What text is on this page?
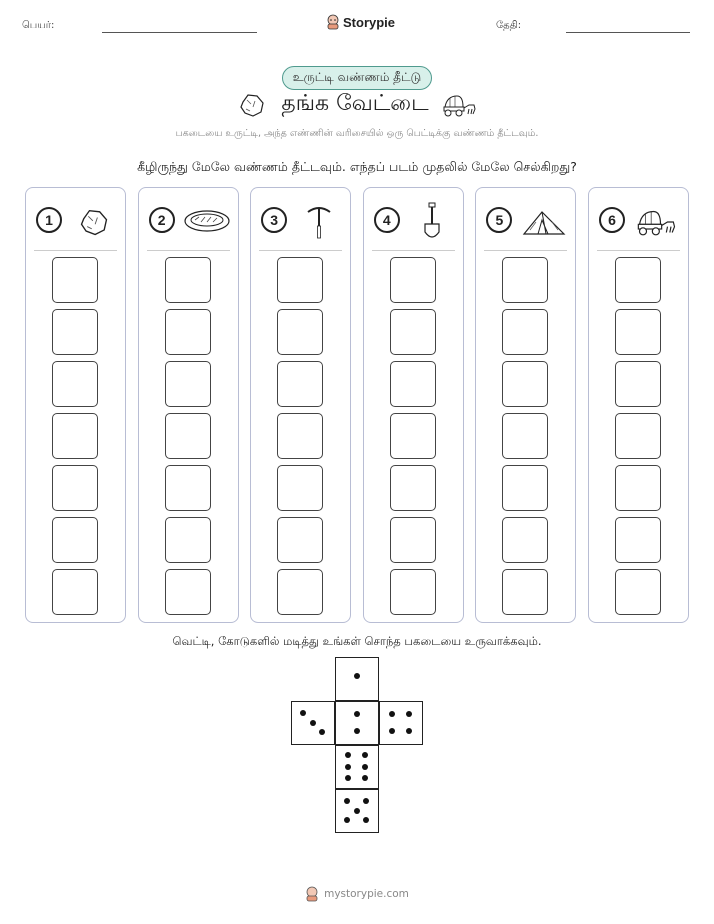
பெயர்:	Storypie	தேதி:
உருட்டி வண்ணம் தீட்டு
தங்க வேட்டை
பகடையை உருட்டி, அந்த எண்ணின் வரிசையில் ஒரு பெட்டிக்கு வண்ணம் தீட்டவும்.
கீழிருந்து மேலே வண்ணம் தீட்டவும். எந்தப் படம் முதலில் மேலே செல்கிறது?
1	2	3	4	5	6
வெட்டி, கோடுகளில் மடித்து உங்கள் சொந்த பகடையை உருவாக்கவும்.
mystorypie.com
